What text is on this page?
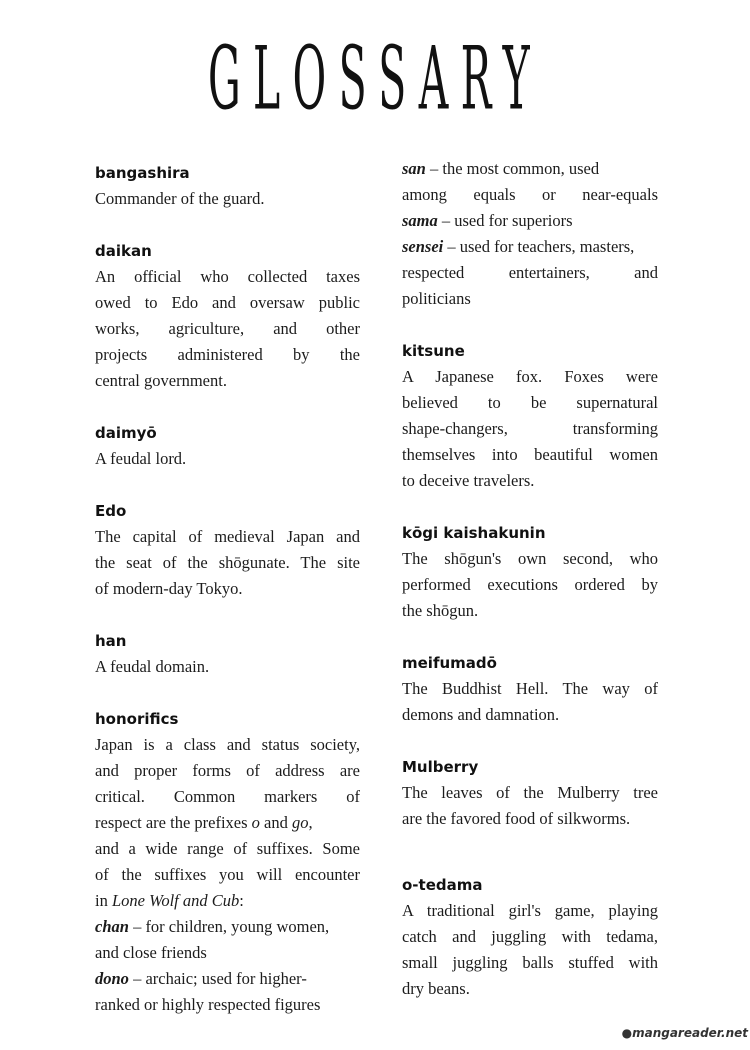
GLOSSARY
bangashira
Commander of the guard.
daikan
An official who collected taxes
owed to Edo and oversaw public
works, agriculture, and other
projects administered by the
central government.
daimyō
A feudal lord.
Edo
The capital of medieval Japan and
the seat of the shōgunate. The site
of modern-day Tokyo.
han
A feudal domain.
honorifics
Japan is a class and status society,
and proper forms of address are
critical. Common markers of
respect are the prefixes o and go,
and a wide range of suffixes. Some
of the suffixes you will encounter
in Lone Wolf and Cub:
chan – for children, young women,
and close friends
dono – archaic; used for higher-
ranked or highly respected figures
san – the most common, used
among equals or near-equals
sama – used for superiors
sensei – used for teachers, masters,
respected entertainers, and
politicians
kitsune
A Japanese fox. Foxes were
believed to be supernatural
shape-changers, transforming
themselves into beautiful women
to deceive travelers.
kōgi kaishakunin
The shōgun's own second, who
performed executions ordered by
the shōgun.
meifumadō
The Buddhist Hell. The way of
demons and damnation.
Mulberry
The leaves of the Mulberry tree
are the favored food of silkworms.
o-tedama
A traditional girl's game, playing
catch and juggling with tedama,
small juggling balls stuffed with
dry beans.
●mangareader.net
